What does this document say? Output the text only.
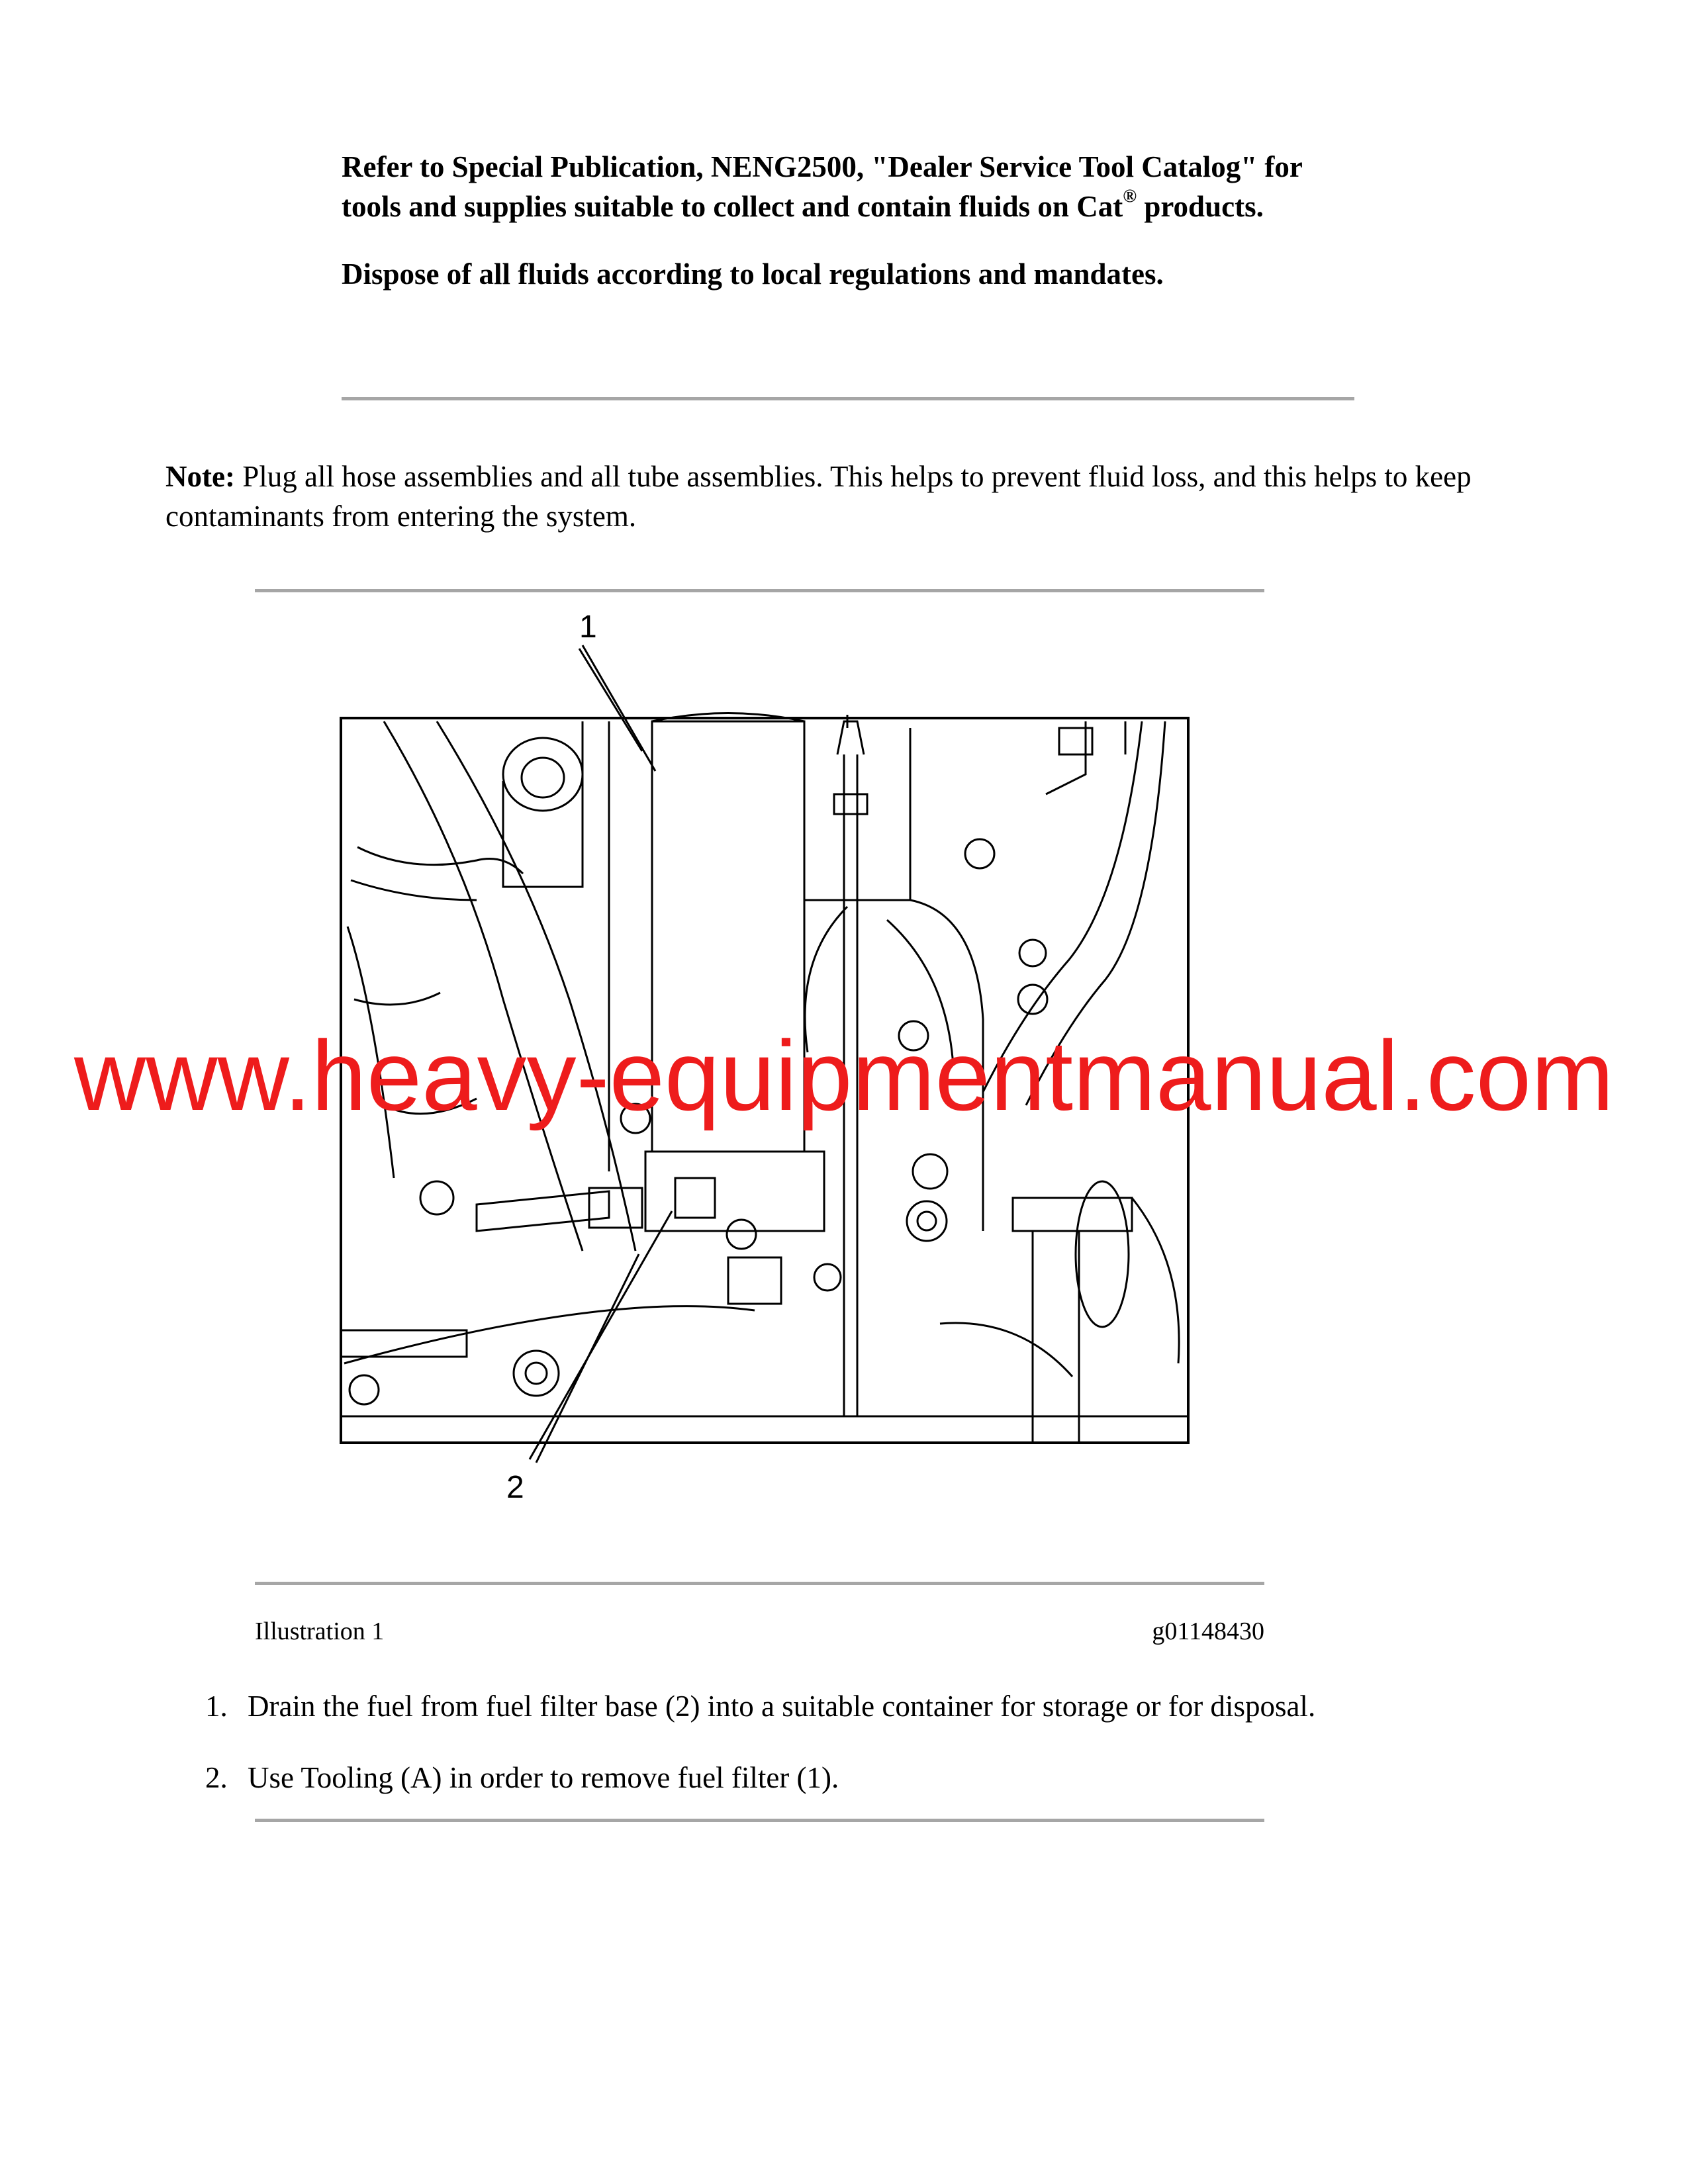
Refer to Special Publication, NENG2500, "Dealer Service Tool Catalog" for tools and supplies suitable to collect and contain fluids on Cat® products.

Dispose of all fluids according to local regulations and mandates.

Note: Plug all hose assemblies and all tube assemblies. This helps to prevent fluid loss, and this helps to keep contaminants from entering the system.
1
2
Illustration 1	g01148430
1. Drain the fuel from fuel filter base (2) into a suitable container for storage or for disposal.
2. Use Tooling (A) in order to remove fuel filter (1).
www.heavy-equipmentmanual.com
